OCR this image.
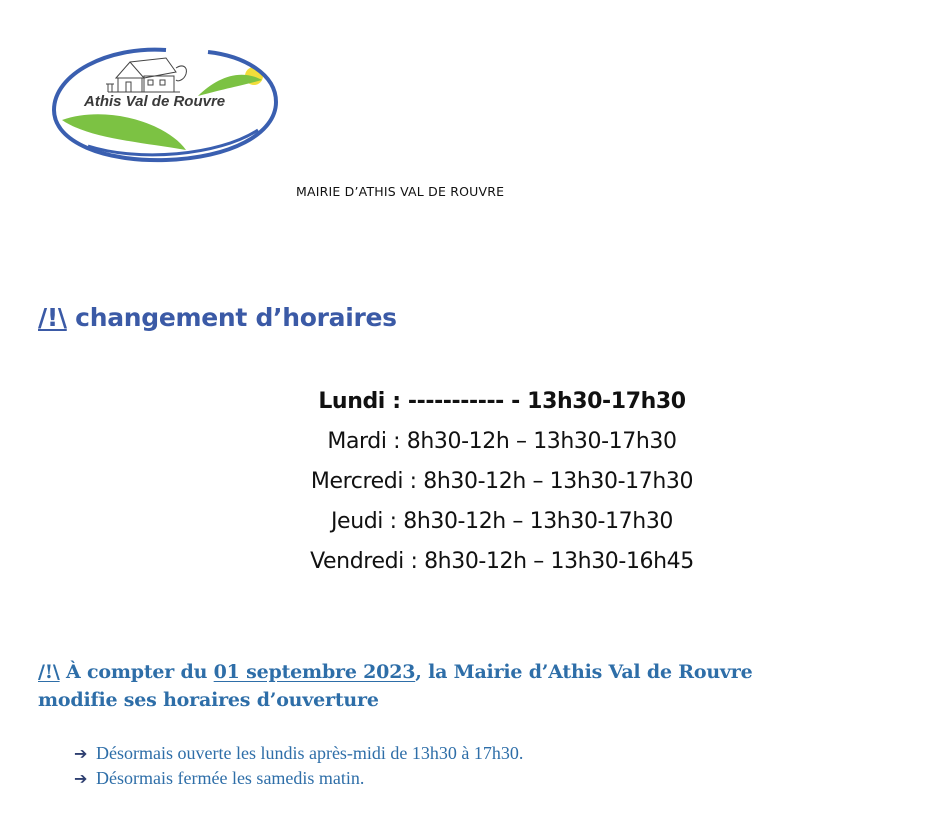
Athis Val de Rouvre
MAIRIE D’ATHIS VAL DE ROUVRE
/!\ changement d’horaires
Lundi : ----------- - 13h30-17h30
Mardi : 8h30-12h – 13h30-17h30
Mercredi : 8h30-12h – 13h30-17h30
Jeudi : 8h30-12h – 13h30-17h30
Vendredi : 8h30-12h – 13h30-16h45
/!\ À compter du 01 septembre 2023, la Mairie d’Athis Val de Rouvre
modifie ses horaires d’ouverture
➔ Désormais ouverte les lundis après-midi de 13h30 à 17h30.
➔ Désormais fermée les samedis matin.
